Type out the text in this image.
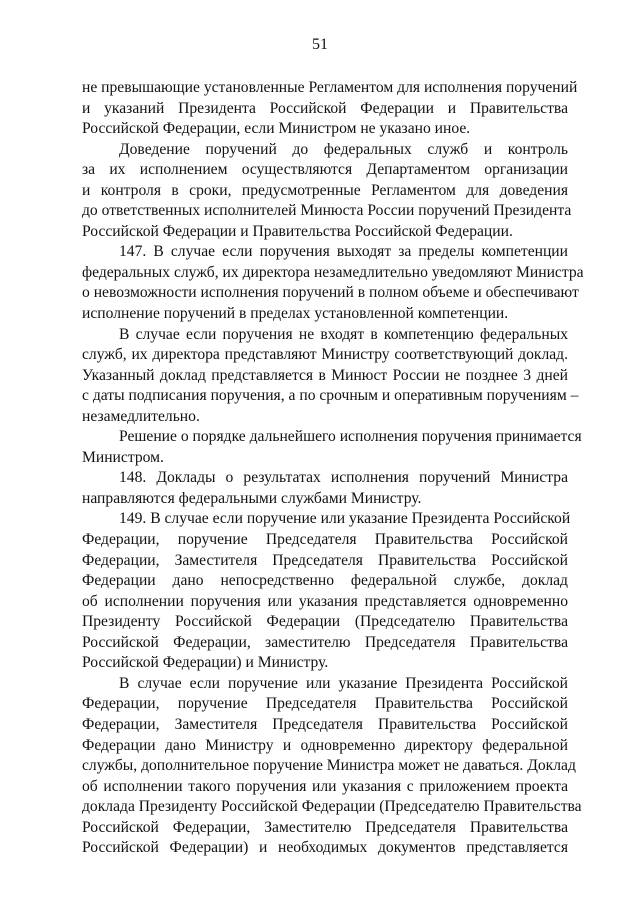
51
не превышающие установленные Регламентом для исполнения поручений
и указаний Президента Российской Федерации и Правительства
Российской Федерации, если Министром не указано иное.
Доведение поручений до федеральных служб и контроль
за их исполнением осуществляются Департаментом организации
и контроля в сроки, предусмотренные Регламентом для доведения
до ответственных исполнителей Минюста России поручений Президента
Российской Федерации и Правительства Российской Федерации.
147. В случае если поручения выходят за пределы компетенции
федеральных служб, их директора незамедлительно уведомляют Министра
о невозможности исполнения поручений в полном объеме и обеспечивают
исполнение поручений в пределах установленной компетенции.
В случае если поручения не входят в компетенцию федеральных
служб, их директора представляют Министру соответствующий доклад.
Указанный доклад представляется в Минюст России не позднее 3 дней
с даты подписания поручения, а по срочным и оперативным поручениям –
незамедлительно.
Решение о порядке дальнейшего исполнения поручения принимается
Министром.
148. Доклады о результатах исполнения поручений Министра
направляются федеральными службами Министру.
149. В случае если поручение или указание Президента Российской
Федерации, поручение Председателя Правительства Российской
Федерации, Заместителя Председателя Правительства Российской
Федерации дано непосредственно федеральной службе, доклад
об исполнении поручения или указания представляется одновременно
Президенту Российской Федерации (Председателю Правительства
Российской Федерации, заместителю Председателя Правительства
Российской Федерации) и Министру.
В случае если поручение или указание Президента Российской
Федерации, поручение Председателя Правительства Российской
Федерации, Заместителя Председателя Правительства Российской
Федерации дано Министру и одновременно директору федеральной
службы, дополнительное поручение Министра может не даваться. Доклад
об исполнении такого поручения или указания с приложением проекта
доклада Президенту Российской Федерации (Председателю Правительства
Российской Федерации, Заместителю Председателя Правительства
Российской Федерации) и необходимых документов представляется
